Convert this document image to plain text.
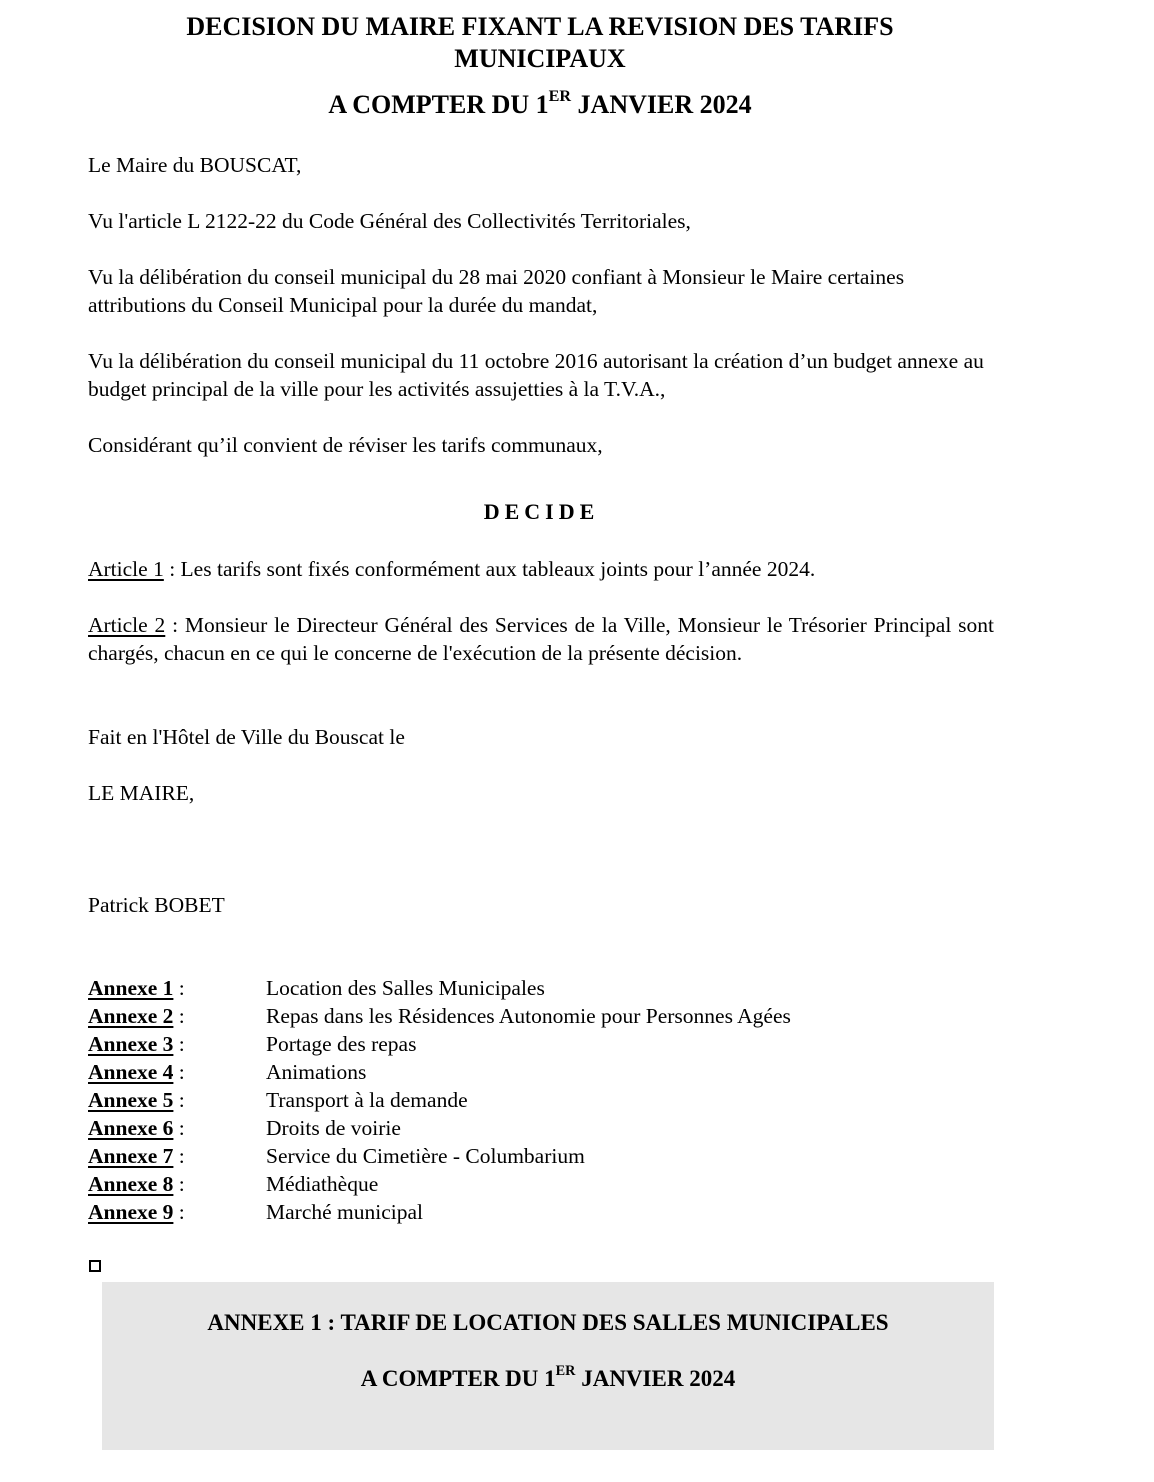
DECISION DU MAIRE FIXANT LA REVISION DES TARIFS
MUNICIPAUX
A COMPTER DU 1ER JANVIER 2024
Le Maire du BOUSCAT,
Vu l'article L 2122-22 du Code Général des Collectivités Territoriales,
Vu la délibération du conseil municipal du 28 mai 2020 confiant à Monsieur le Maire certaines attributions du Conseil Municipal pour la durée du mandat,
Vu la délibération du conseil municipal du 11 octobre 2016 autorisant la création d’un budget annexe au budget principal de la ville pour les activités assujetties à la T.V.A.,
Considérant qu’il convient de réviser les tarifs communaux,
DECIDE
Article 1 : Les tarifs sont fixés conformément aux tableaux joints pour l’année 2024.
Article 2 : Monsieur le Directeur Général des Services de la Ville, Monsieur le Trésorier Principal sont chargés, chacun en ce qui le concerne de l'exécution de la présente décision.
Fait en l'Hôtel de Ville du Bouscat le
LE MAIRE,
Patrick BOBET
Annexe 1 :	Location des Salles Municipales
Annexe 2 :	Repas dans les Résidences Autonomie pour Personnes Agées
Annexe 3 :	Portage des repas
Annexe 4 :	Animations
Annexe 5 :	Transport à la demande
Annexe 6 :	Droits de voirie
Annexe 7 :	Service du Cimetière - Columbarium
Annexe 8 :	Médiathèque
Annexe 9 :	Marché municipal
ANNEXE 1 : TARIF DE LOCATION DES SALLES MUNICIPALES
A COMPTER DU 1ER JANVIER 2024
